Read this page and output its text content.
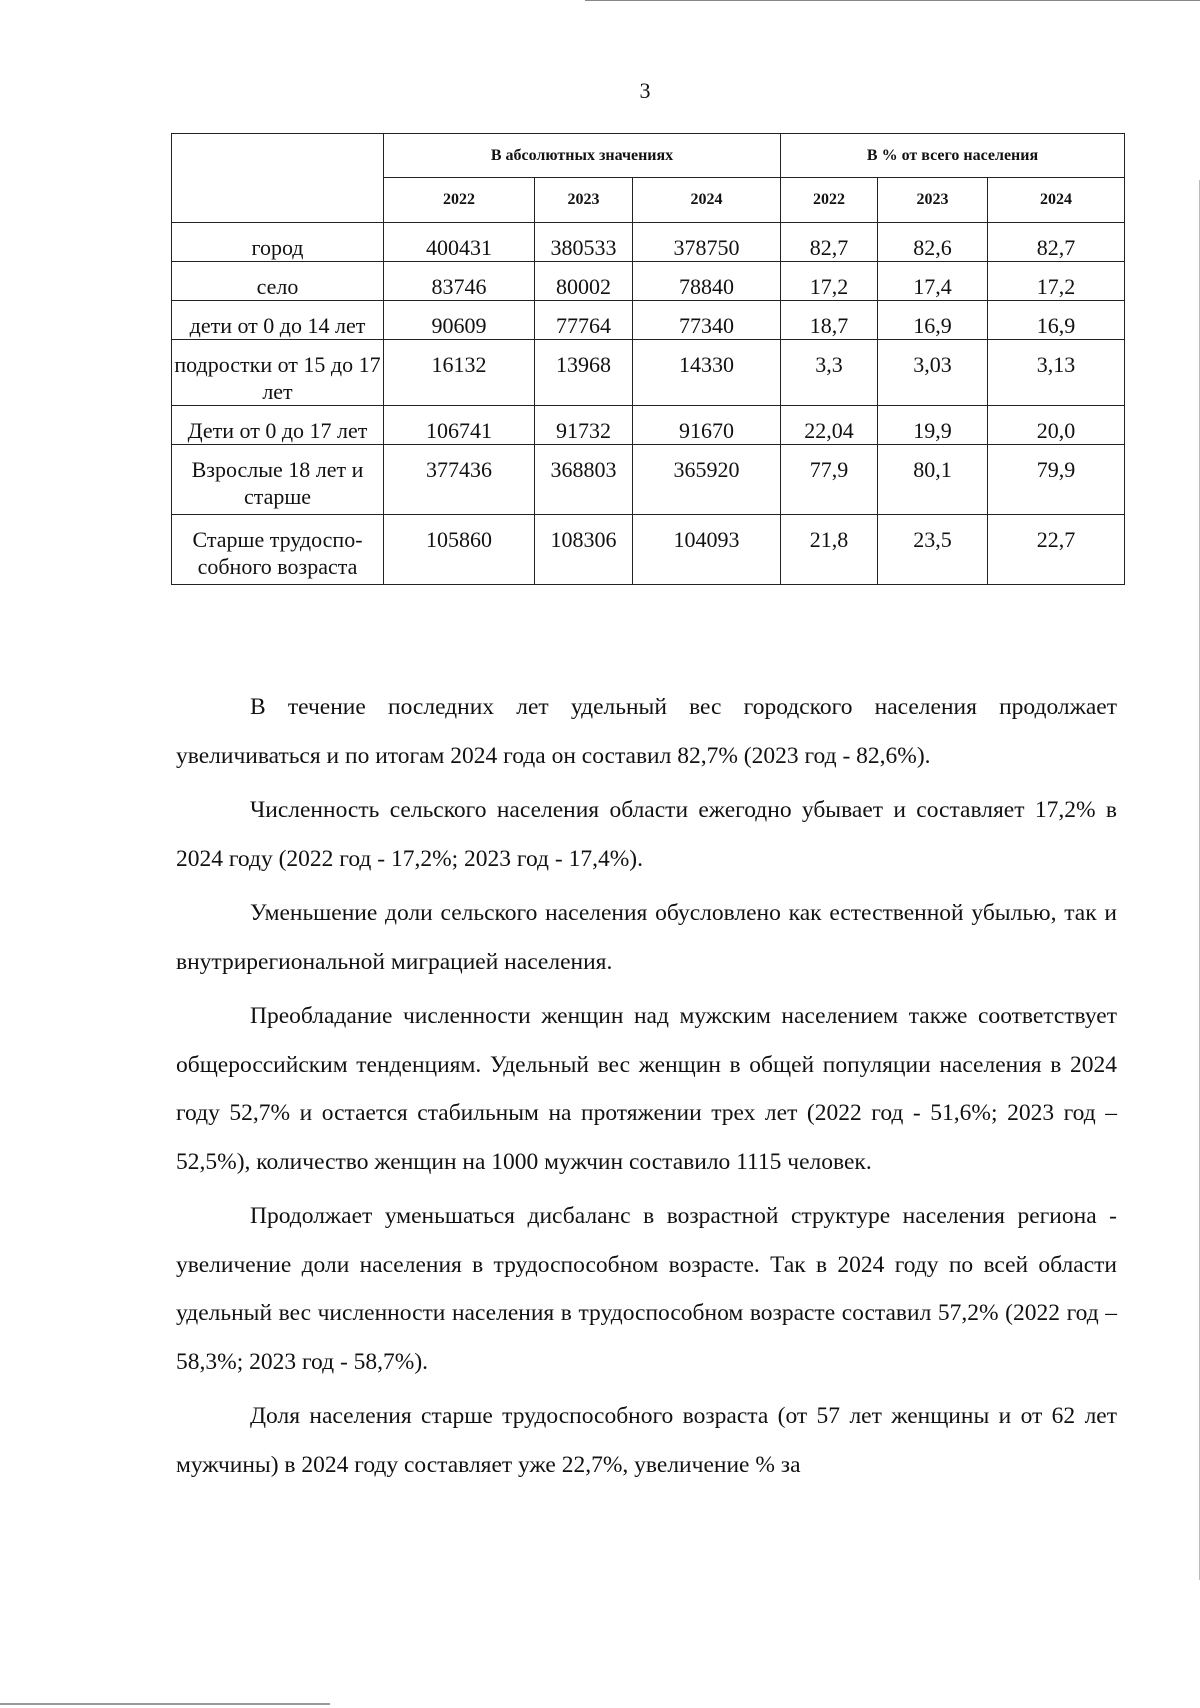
3
	В абсолютных значениях			В % от всего населения		
	2022	2023	2024	2022	2023	2024
город	400431	380533	378750	82,7	82,6	82,7
село	83746	80002	78840	17,2	17,4	17,2
дети от 0 до 14 лет	90609	77764	77340	18,7	16,9	16,9
подростки от 15 до 17 лет	16132	13968	14330	3,3	3,03	3,13
Дети от 0 до 17 лет	106741	91732	91670	22,04	19,9	20,0
Взрослые 18 лет и старше	377436	368803	365920	77,9	80,1	79,9
Старше трудоспо-собного возраста	105860	108306	104093	21,8	23,5	22,7

В течение последних лет удельный вес городского населения продолжает увеличиваться и по итогам 2024 года он составил 82,7% (2023 год - 82,6%).

Численность сельского населения области ежегодно убывает и составляет 17,2% в 2024 году (2022 год - 17,2%; 2023 год - 17,4%).

Уменьшение доли сельского населения обусловлено как естественной убылью, так и внутрирегиональной миграцией населения.

Преобладание численности женщин над мужским населением также соответствует общероссийским тенденциям. Удельный вес женщин в общей популяции населения в 2024 году 52,7% и остается стабильным на протяжении трех лет (2022 год - 51,6%; 2023 год – 52,5%), количество женщин на 1000 мужчин составило 1115 человек.

Продолжает уменьшаться дисбаланс в возрастной структуре населения региона - увеличение доли населения в трудоспособном возрасте. Так в 2024 году по всей области удельный вес численности населения в трудоспособном возрасте составил 57,2% (2022 год –58,3%; 2023 год - 58,7%).

Доля населения старше трудоспособного возраста (от 57 лет женщины и от 62 лет мужчины) в 2024 году составляет уже 22,7%, увеличение % за
